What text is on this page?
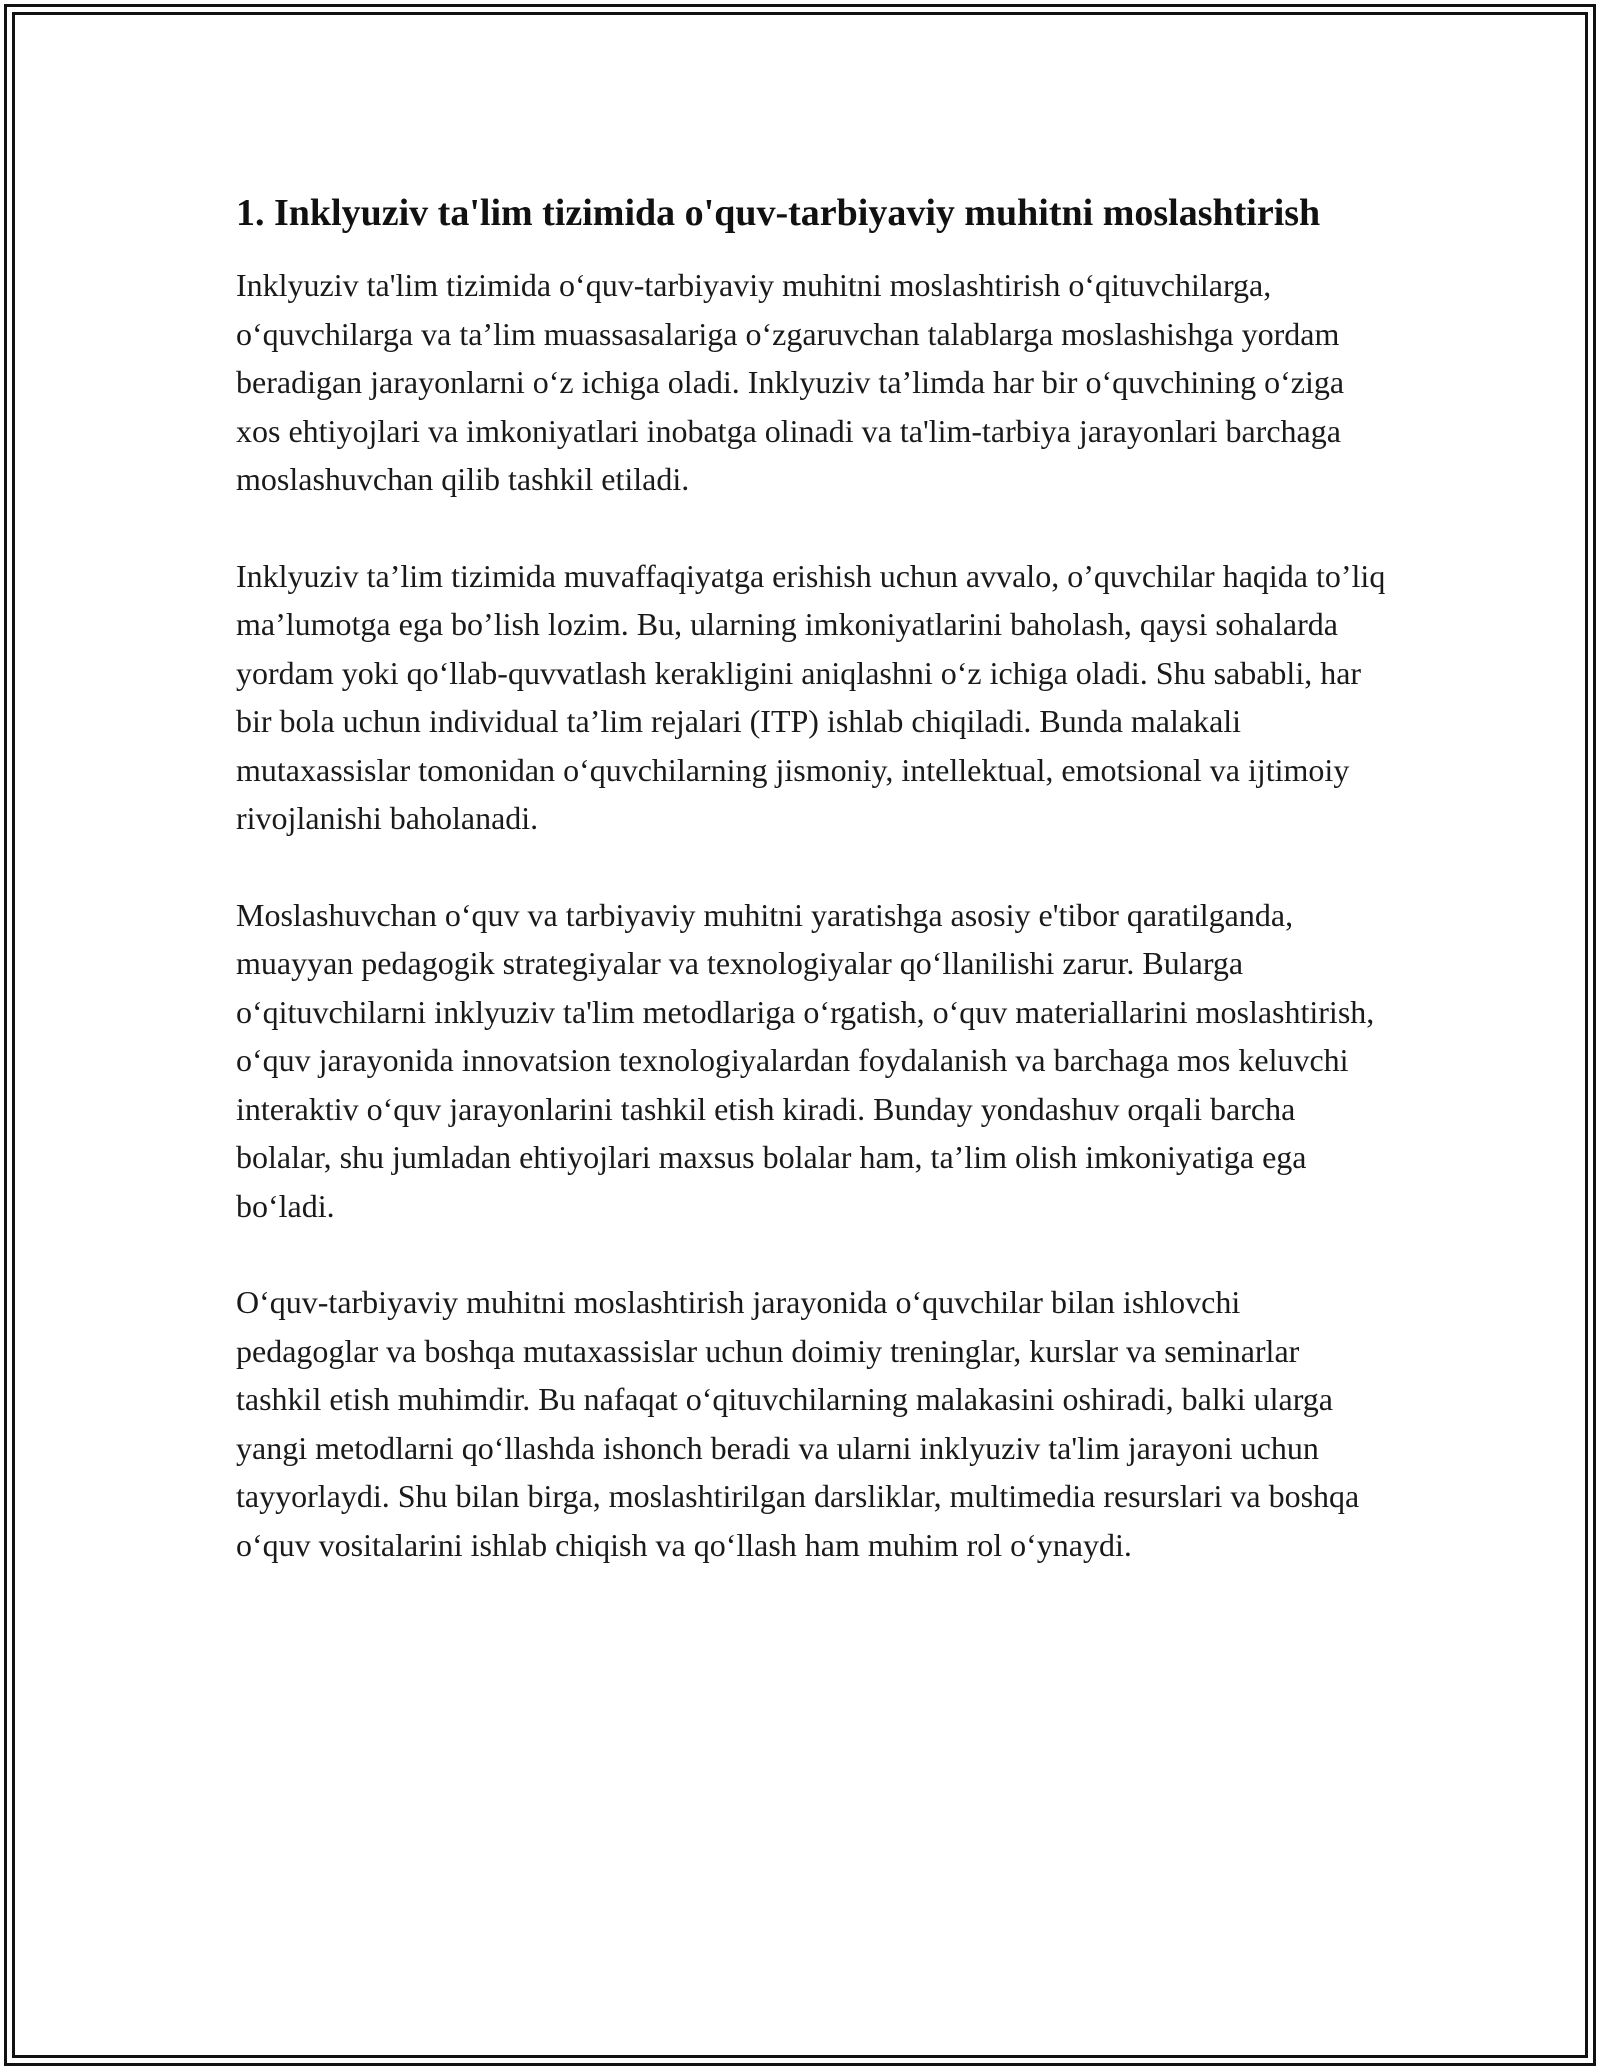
1. Inklyuziv ta'lim tizimida o'quv-tarbiyaviy muhitni moslashtirish

Inklyuziv ta'lim tizimida o‘quv-tarbiyaviy muhitni moslashtirish o‘qituvchilarga, o‘quvchilarga va ta’lim muassasalariga o‘zgaruvchan talablarga moslashishga yordam beradigan jarayonlarni o‘z ichiga oladi. Inklyuziv ta’limda har bir o‘quvchining o‘ziga xos ehtiyojlari va imkoniyatlari inobatga olinadi va ta'lim-tarbiya jarayonlari barchaga moslashuvchan qilib tashkil etiladi.

Inklyuziv ta’lim tizimida muvaffaqiyatga erishish uchun avvalo, o’quvchilar haqida to’liq ma’lumotga ega bo’lish lozim. Bu, ularning imkoniyatlarini baholash, qaysi sohalarda yordam yoki qo‘llab-quvvatlash kerakligini aniqlashni o‘z ichiga oladi. Shu sababli, har bir bola uchun individual ta’lim rejalari (ITP) ishlab chiqiladi. Bunda malakali mutaxassislar tomonidan o‘quvchilarning jismoniy, intellektual, emotsional va ijtimoiy rivojlanishi baholanadi.

Moslashuvchan o‘quv va tarbiyaviy muhitni yaratishga asosiy e'tibor qaratilganda, muayyan pedagogik strategiyalar va texnologiyalar qo‘llanilishi zarur. Bularga o‘qituvchilarni inklyuziv ta'lim metodlariga o‘rgatish, o‘quv materiallarini moslashtirish, o‘quv jarayonida innovatsion texnologiyalardan foydalanish va barchaga mos keluvchi interaktiv o‘quv jarayonlarini tashkil etish kiradi. Bunday yondashuv orqali barcha bolalar, shu jumladan ehtiyojlari maxsus bolalar ham, ta’lim olish imkoniyatiga ega bo‘ladi.

O‘quv-tarbiyaviy muhitni moslashtirish jarayonida o‘quvchilar bilan ishlovchi pedagoglar va boshqa mutaxassislar uchun doimiy treninglar, kurslar va seminarlar tashkil etish muhimdir. Bu nafaqat o‘qituvchilarning malakasini oshiradi, balki ularga yangi metodlarni qo‘llashda ishonch beradi va ularni inklyuziv ta'lim jarayoni uchun tayyorlaydi. Shu bilan birga, moslashtirilgan darsliklar, multimedia resurslari va boshqa o‘quv vositalarini ishlab chiqish va qo‘llash ham muhim rol o‘ynaydi.
